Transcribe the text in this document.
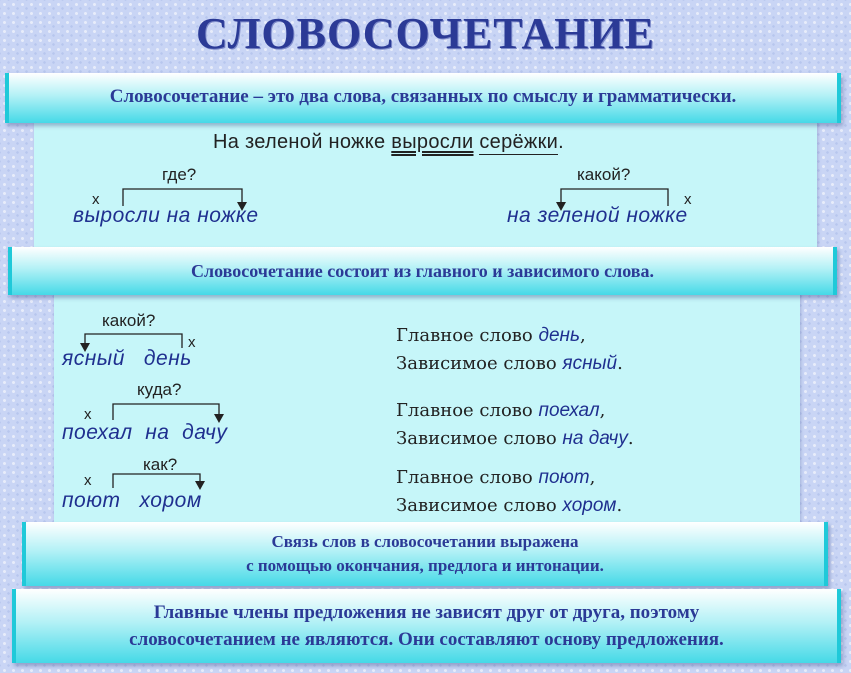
СЛОВОСОЧЕТАНИЕ
Словосочетание – это два слова, связанных по смыслу и грамматически.
На зеленой ножке выросли серёжки.
где?
х
выросли на ножке
какой?
х
на зеленой ножке
Словосочетание состоит из главного и зависимого слова.
какой?
х
ясный   день
Главное слово день,
Зависимое слово ясный.
куда?
х
поехал  на  дачу
Главное слово поехал,
Зависимое слово на дачу.
как?
х
поют   хором
Главное слово поют,
Зависимое слово хором.
Связь слов в словосочетании выражена
с помощью окончания, предлога и интонации.
Главные члены предложения не зависят друг от друга, поэтому
словосочетанием не являются. Они составляют основу предложения.
